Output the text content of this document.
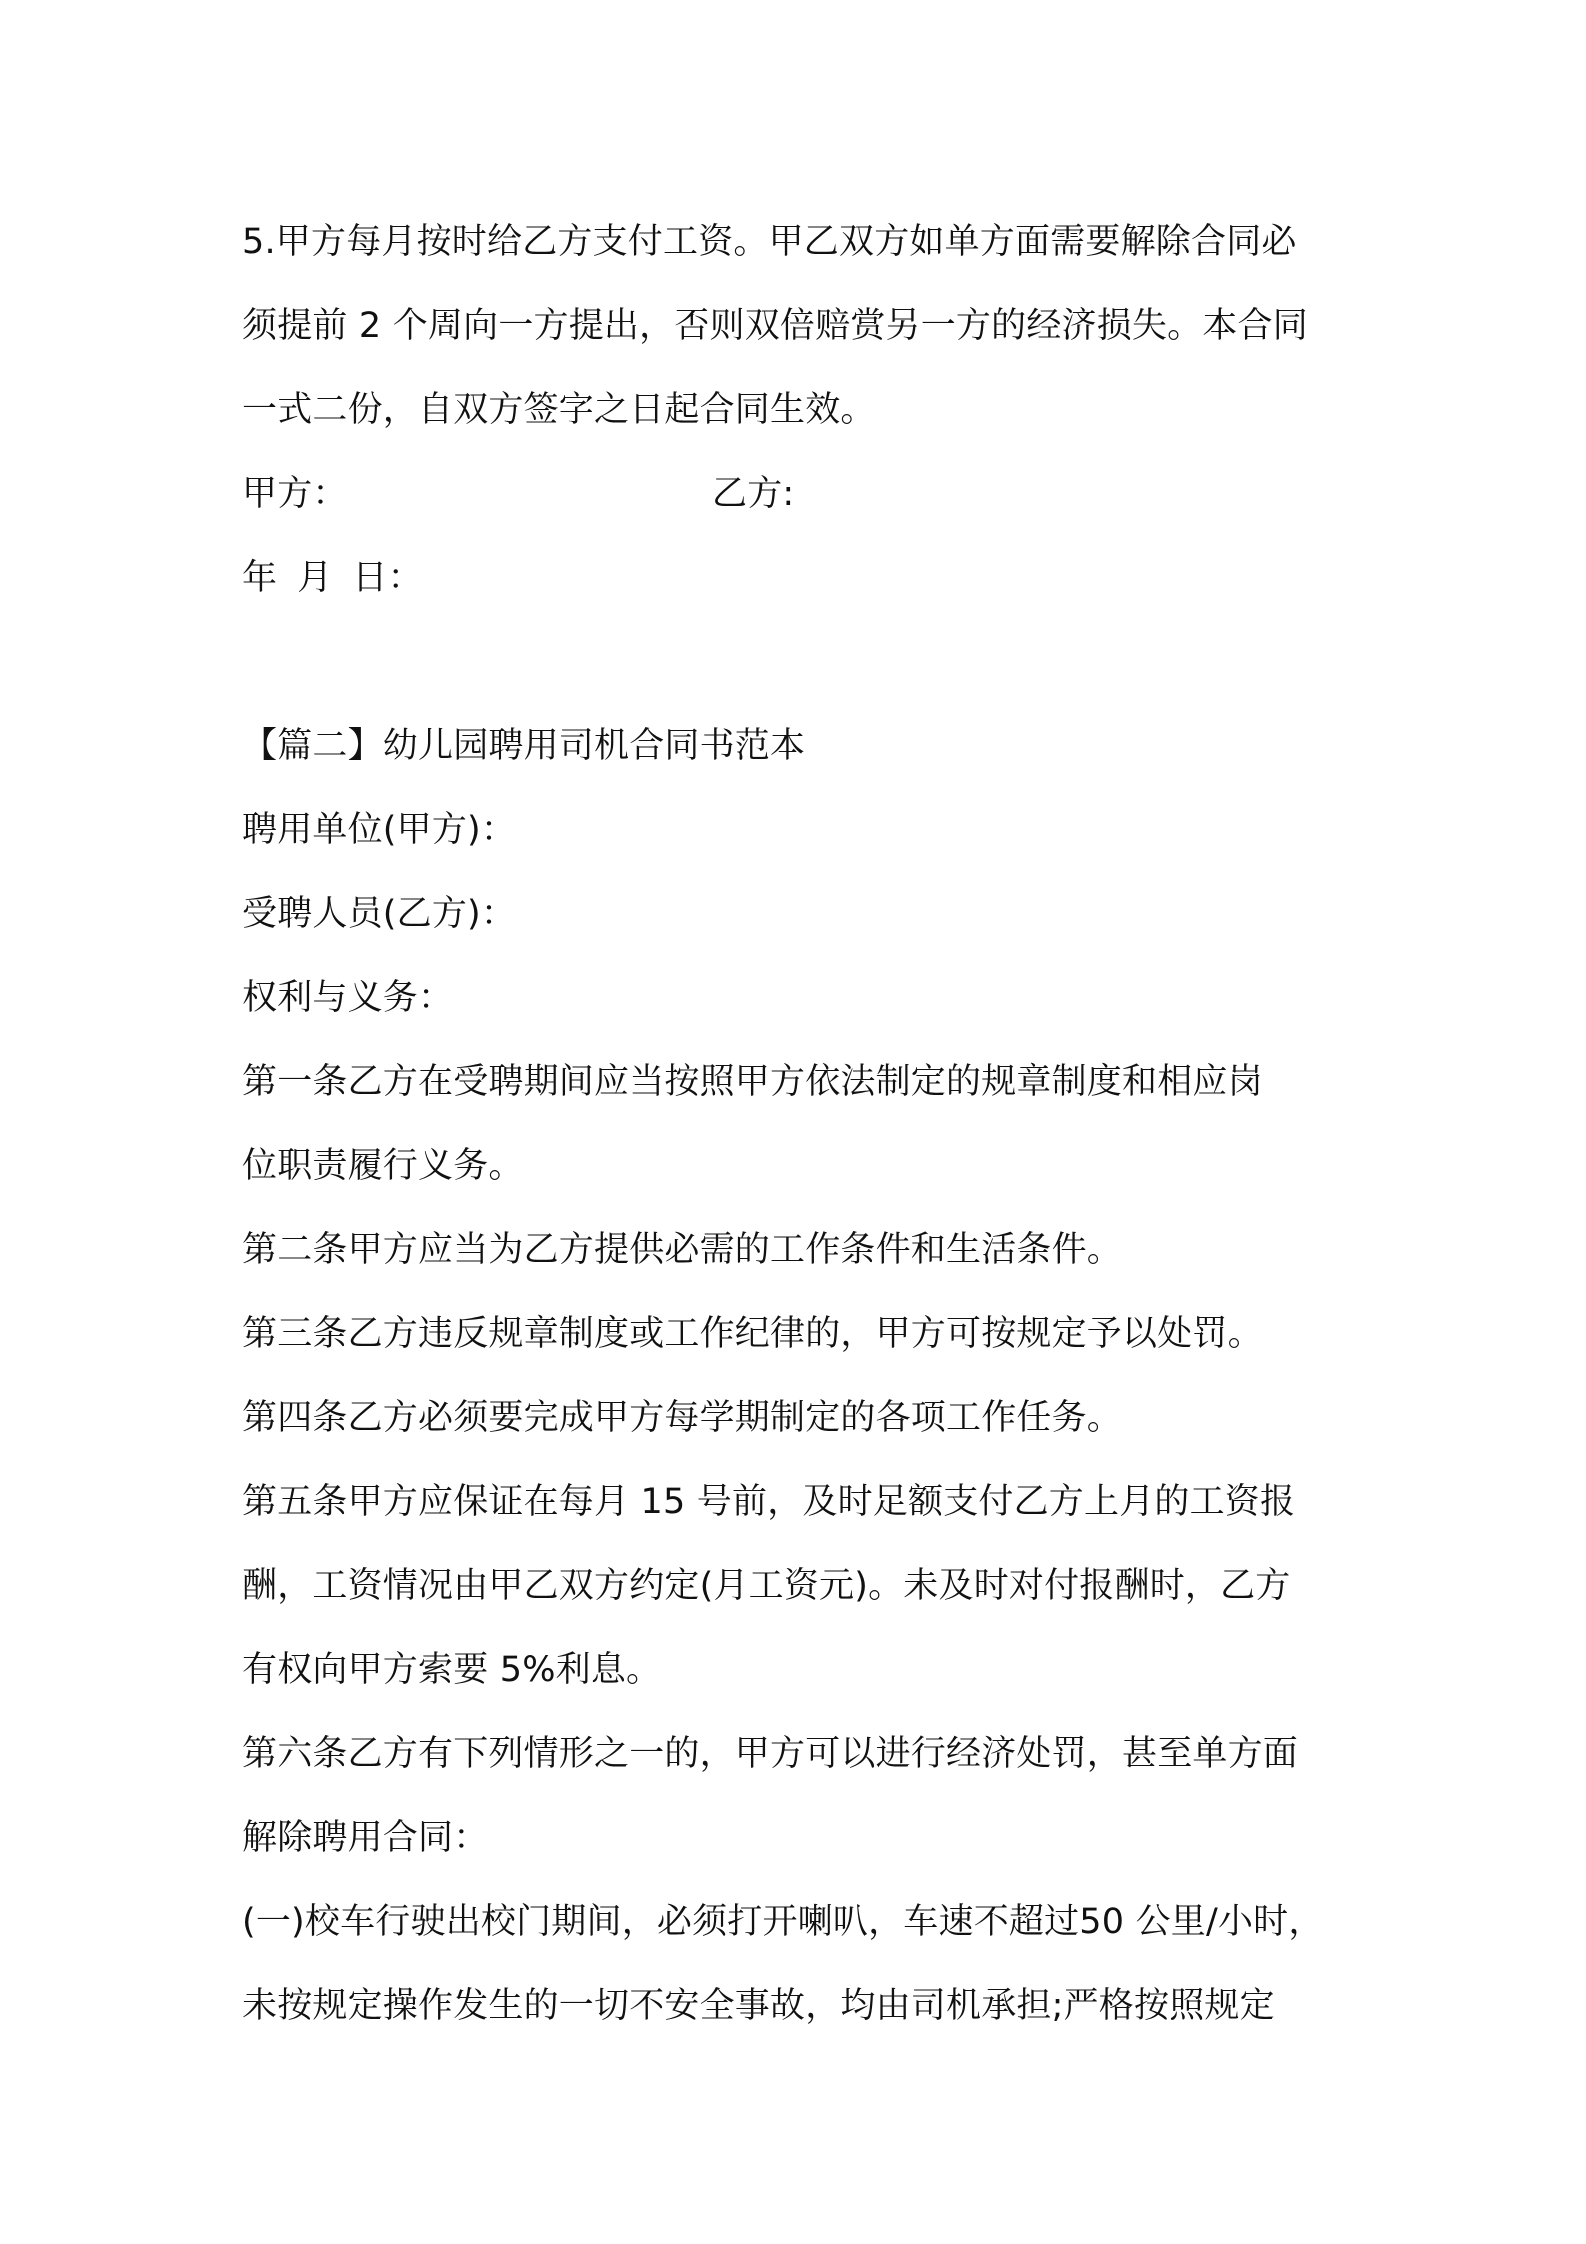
5.甲方每月按时给乙方支付工资。甲乙双方如单方面需要解除合同必

须提前 2 个周向一方提出，否则双倍赔赏另一方的经济损失。本合同

一式二份，自双方签字之日起合同生效。

甲方：	乙方:

年 月 日：

【篇二】幼儿园聘用司机合同书范本

聘用单位(甲方)：

受聘人员(乙方)：

权利与义务：

第一条乙方在受聘期间应当按照甲方依法制定的规章制度和相应岗

位职责履行义务。

第二条甲方应当为乙方提供必需的工作条件和生活条件。

第三条乙方违反规章制度或工作纪律的，甲方可按规定予以处罚。

第四条乙方必须要完成甲方每学期制定的各项工作任务。

第五条甲方应保证在每月 15 号前，及时足额支付乙方上月的工资报

酬，工资情况由甲乙双方约定(月工资元)。未及时对付报酬时，乙方

有权向甲方索要 5%利息。

第六条乙方有下列情形之一的，甲方可以进行经济处罚，甚至单方面

解除聘用合同：

(一)校车行驶出校门期间，必须打开喇叭，车速不超过50 公里/小时，

未按规定操作发生的一切不安全事故，均由司机承担;严格按照规定
